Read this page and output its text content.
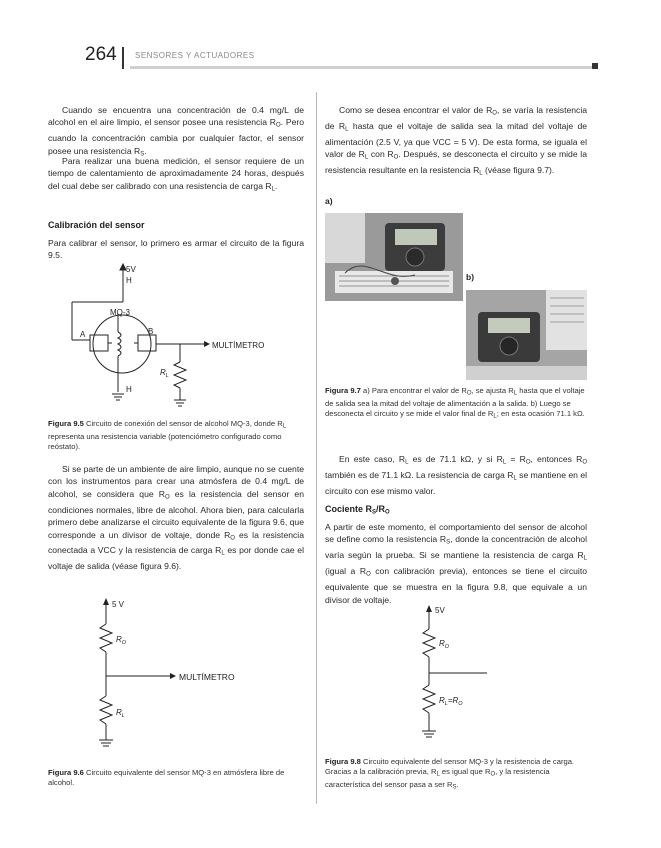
264 SENSORES Y ACTUADORES
Cuando se encuentra una concentración de 0.4 mg/L de alcohol en el aire limpio, el sensor posee una resistencia $R_O$. Pero cuando la concentración cambia por cualquier factor, el sensor posee una resistencia $R_S$.
Para realizar una buena medición, el sensor requiere de un tiempo de calentamiento de aproximadamente 24 horas, después del cual debe ser calibrado con una resistencia de carga $R_L$.
Calibración del sensor
Para calibrar el sensor, lo primero es armar el circuito de la figura 9.5.
5V
H
MQ-3
A	B
MULTÍMETRO
$R_L$
H
Figura 9.5 Circuito de conexión del sensor de alcohol MQ-3, donde $R_L$ representa una resistencia variable (potenciómetro configurado como reóstato).
Si se parte de un ambiente de aire limpio, aunque no se cuente con los instrumentos para crear una atmósfera de 0.4 mg/L de alcohol, se considera que $R_O$ es la resistencia del sensor en condiciones normales, libre de alcohol. Ahora bien, para calcularla primero debe analizarse el circuito equivalente de la figura 9.6, que corresponde a un divisor de voltaje, donde $R_O$ es la resistencia conectada a VCC y la resistencia de carga $R_L$ es por donde cae el voltaje de salida (véase figura 9.6).
5 V
$R_O$
MULTÍMETRO
$R_L$
Figura 9.6 Circuito equivalente del sensor MQ-3 en atmósfera libre de alcohol.
Como se desea encontrar el valor de $R_O$, se varía la resistencia de $R_L$ hasta que el voltaje de salida sea la mitad del voltaje de alimentación (2.5 V, ya que VCC = 5 V). De esta forma, se iguala el valor de $R_L$ con $R_O$. Después, se desconecta el circuito y se mide la resistencia resultante en la resistencia $R_L$ (véase figura 9.7).
a)
b)
Figura 9.7 a) Para encontrar el valor de $R_O$, se ajusta $R_L$ hasta que el voltaje de salida sea la mitad del voltaje de alimentación a la salida. b) Luego se desconecta el circuito y se mide el valor final de $R_L$; en esta ocasión 71.1 kΩ.
En este caso, $R_L$ es de 71.1 kΩ, y si $R_L = R_O$, entonces $R_O$ también es de 71.1 kΩ. La resistencia de carga $R_L$ se mantiene en el circuito con ese mismo valor.
Cociente $R_S/R_O$
A partir de este momento, el comportamiento del sensor de alcohol se define como la resistencia $R_S$, donde la concentración de alcohol varía según la prueba. Si se mantiene la resistencia de carga $R_L$ (igual a $R_O$ con calibración previa), entonces se tiene el circuito equivalente que se muestra en la figura 9.8, que equivale a un divisor de voltaje.
5V
$R_O$
$R_L=R_O$
Figura 9.8 Circuito equivalente del sensor MQ-3 y la resistencia de carga. Gracias a la calibración previa, $R_L$ es igual que $R_O$, y la resistencia característica del sensor pasa a ser $R_S$.
